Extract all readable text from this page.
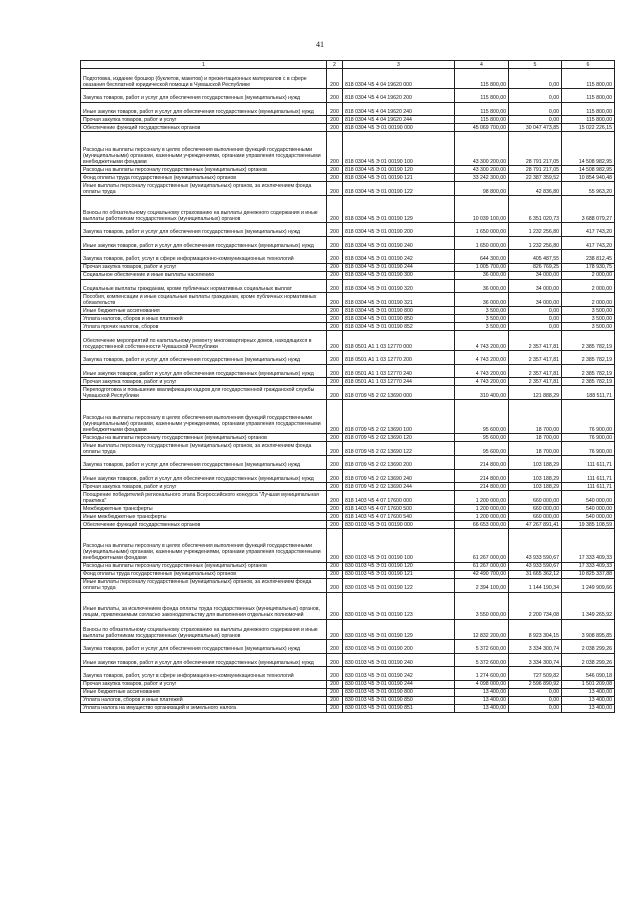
41
1	2	3	4	5	6
Подготовка, издание брошюр (буклетов, макетов) и презентационных материалов с в сфере оказания бесплатной юридической помощи в Чувашской Республике	200	818 0304 Ч5 4 04 19620 000	115 800,00	0,00	115 800,00
Закупка товаров, работ и услуг для обеспечения государственных (муниципальных) нужд	200	818 0304 Ч5 4 04 19620 200	115 800,00	0,00	115 800,00
Иные закупки товаров, работ и услуг для обеспечения государственных (муниципальных) нужд	200	818 0304 Ч5 4 04 19620 240	115 800,00	0,00	115 800,00
Прочая закупка товаров, работ и услуг	200	818 0304 Ч5 4 04 19620 244	115 800,00	0,00	115 800,00
Обеспечение функций государственных органов	200	818 0304 Ч5 Э 01 00190 000	45 069 700,00	30 047 473,85	15 022 226,15
Расходы на выплаты персоналу в целях обеспечения выполнения функций государственными (муниципальными) органами, казенными учреждениями, органами управления государственными внебюджетными фондами	200	818 0304 Ч5 Э 01 00190 100	43 300 200,00	28 791 217,05	14 508 982,95
Расходы на выплаты персоналу государственных (муниципальных) органов	200	818 0304 Ч5 Э 01 00190 120	43 300 200,00	28 791 217,05	14 508 982,95
Фонд оплаты труда государственных (муниципальных) органов	200	818 0304 Ч5 Э 01 00190 121	33 242 300,00	22 387 359,52	10 854 940,48
Иные выплаты персоналу государственных (муниципальных) органов, за исключением фонда оплаты труда	200	818 0304 Ч5 Э 01 00190 122	98 800,00	42 836,80	55 963,20
Взносы по обязательному социальному страхованию на выплаты денежного содержания и иные выплаты работникам государственных (муниципальных) органов	200	818 0304 Ч5 Э 01 00190 129	10 039 100,00	6 351 020,73	3 688 079,27
Закупка товаров, работ и услуг для обеспечения государственных (муниципальных) нужд	200	818 0304 Ч5 Э 01 00190 200	1 650 000,00	1 232 256,80	417 743,20
Иные закупки товаров, работ и услуг для обеспечения государственных (муниципальных) нужд	200	818 0304 Ч5 Э 01 00190 240	1 650 000,00	1 232 256,80	417 743,20
Закупка товаров, работ, услуг в сфере информационно-коммуникационных технологий	200	818 0304 Ч5 Э 01 00190 242	644 300,00	405 487,55	238 812,45
Прочая закупка товаров, работ и услуг	200	818 0304 Ч5 Э 01 00190 244	1 005 700,00	826 769,25	178 930,75
Социальное обеспечение и иные выплаты населению	200	818 0304 Ч5 Э 01 00190 300	36 000,00	34 000,00	2 000,00
Социальные выплаты гражданам, кроме публичных нормативных социальных выплат	200	818 0304 Ч5 Э 01 00190 320	36 000,00	34 000,00	2 000,00
Пособия, компенсации и иные социальные выплаты гражданам, кроме публичных нормативных обязательств	200	818 0304 Ч5 Э 01 00190 321	36 000,00	34 000,00	2 000,00
Иные бюджетные ассигнования	200	818 0304 Ч5 Э 01 00190 800	3 500,00	0,00	3 500,00
Уплата налогов, сборов и иных платежей	200	818 0304 Ч5 Э 01 00190 850	3 500,00	0,00	3 500,00
Уплата прочих налогов, сборов	200	818 0304 Ч5 Э 01 00190 852	3 500,00	0,00	3 500,00
Обеспечение мероприятий по капитальному ремонту многоквартирных домов, находящихся в государственной собственности Чувашской Республики	200	818 0501 А1 1 03 12770 000	4 743 200,00	2 357 417,81	2 385 782,19
Закупка товаров, работ и услуг для обеспечения государственных (муниципальных) нужд	200	818 0501 А1 1 03 12770 200	4 743 200,00	2 357 417,81	2 385 782,19
Иные закупки товаров, работ и услуг для обеспечения государственных (муниципальных) нужд	200	818 0501 А1 1 03 12770 240	4 743 200,00	2 357 417,81	2 385 782,19
Прочая закупка товаров, работ и услуг	200	818 0501 А1 1 03 12770 244	4 743 200,00	2 357 417,81	2 385 782,19
Переподготовка и повышение квалификации кадров для государственной гражданской службы Чувашской Республики	200	818 0709 Ч5 2 02 13690 000	310 400,00	121 888,29	188 511,71
Расходы на выплаты персоналу в целях обеспечения выполнения функций государственными (муниципальными) органами, казенными учреждениями, органами управления государственными внебюджетными фондами	200	818 0709 Ч5 2 02 13690 100	95 600,00	18 700,00	76 900,00
Расходы на выплаты персоналу государственных (муниципальных) органов	200	818 0709 Ч5 2 02 13690 120	95 600,00	18 700,00	76 900,00
Иные выплаты персоналу государственных (муниципальных) органов, за исключением фонда оплаты труда	200	818 0709 Ч5 2 02 13690 122	95 600,00	18 700,00	76 900,00
Закупка товаров, работ и услуг для обеспечения государственных (муниципальных) нужд	200	818 0709 Ч5 2 02 13690 200	214 800,00	103 188,29	111 611,71
Иные закупки товаров, работ и услуг для обеспечения государственных (муниципальных) нужд	200	818 0709 Ч5 2 02 13690 240	214 800,00	103 188,29	111 611,71
Прочая закупка товаров, работ и услуг	200	818 0709 Ч5 2 02 13690 244	214 800,00	103 188,29	111 611,71
Поощрение победителей регионального этапа Всероссийского конкурса "Лучшая муниципальная практика"	200	818 1403 Ч5 4 07 17600 000	1 200 000,00	660 000,00	540 000,00
Межбюджетные трансферты	200	818 1403 Ч5 4 07 17600 500	1 200 000,00	660 000,00	540 000,00
Иные межбюджетные трансферты	200	818 1403 Ч5 4 07 17600 540	1 200 000,00	660 000,00	540 000,00
Обеспечение функций государственных органов	200	830 0103 Ч5 Э 01 00190 000	66 653 000,00	47 267 891,41	19 385 108,59
Расходы на выплаты персоналу в целях обеспечения выполнения функций государственными (муниципальными) органами, казенными учреждениями, органами управления государственными внебюджетными фондами	200	830 0103 Ч5 Э 01 00190 100	61 267 000,00	43 933 590,67	17 333 409,33
Расходы на выплаты персоналу государственных (муниципальных) органов	200	830 0103 Ч5 Э 01 00190 120	61 267 000,00	43 933 590,67	17 333 409,33
Фонд оплаты труда государственных (муниципальных) органов	200	830 0103 Ч5 Э 01 00190 121	42 490 700,00	31 665 362,12	10 825 337,88
Иные выплаты персоналу государственных (муниципальных) органов, за исключением фонда оплаты труда	200	830 0103 Ч5 Э 01 00190 122	2 394 100,00	1 144 190,34	1 249 909,66
Иные выплаты, за исключением фонда оплаты труда государственных (муниципальных) органов, лицам, привлекаемым согласно законодательству для выполнения отдельных полномочий	200	830 0103 Ч5 Э 01 00190 123	3 550 000,00	2 200 734,08	1 349 265,92
Взносы по обязательному социальному страхованию на выплаты денежного содержания и иные выплаты работникам государственных (муниципальных) органов	200	830 0103 Ч5 Э 01 00190 129	12 832 200,00	8 923 304,15	3 908 895,85
Закупка товаров, работ и услуг для обеспечения государственных (муниципальных) нужд	200	830 0103 Ч5 Э 01 00190 200	5 372 600,00	3 334 300,74	2 038 299,26
Иные закупки товаров, работ и услуг для обеспечения государственных (муниципальных) нужд	200	830 0103 Ч5 Э 01 00190 240	5 372 600,00	3 334 300,74	2 038 299,26
Закупка товаров, работ, услуг в сфере информационно-коммуникационных технологий	200	830 0103 Ч5 Э 01 00190 242	1 274 600,00	727 509,82	546 090,18
Прочая закупка товаров, работ и услуг	200	830 0103 Ч5 Э 01 00190 244	4 098 000,00	2 596 890,92	1 501 209,08
Иные бюджетные ассигнования	200	830 0103 Ч5 Э 01 00190 800	13 400,00	0,00	13 400,00
Уплата налогов, сборов и иных платежей	200	830 0103 Ч5 Э 01 00190 850	13 400,00	0,00	13 400,00
Уплата налога на имущество организаций и земельного налога	200	830 0103 Ч5 Э 01 00190 851	13 400,00	0,00	13 400,00
